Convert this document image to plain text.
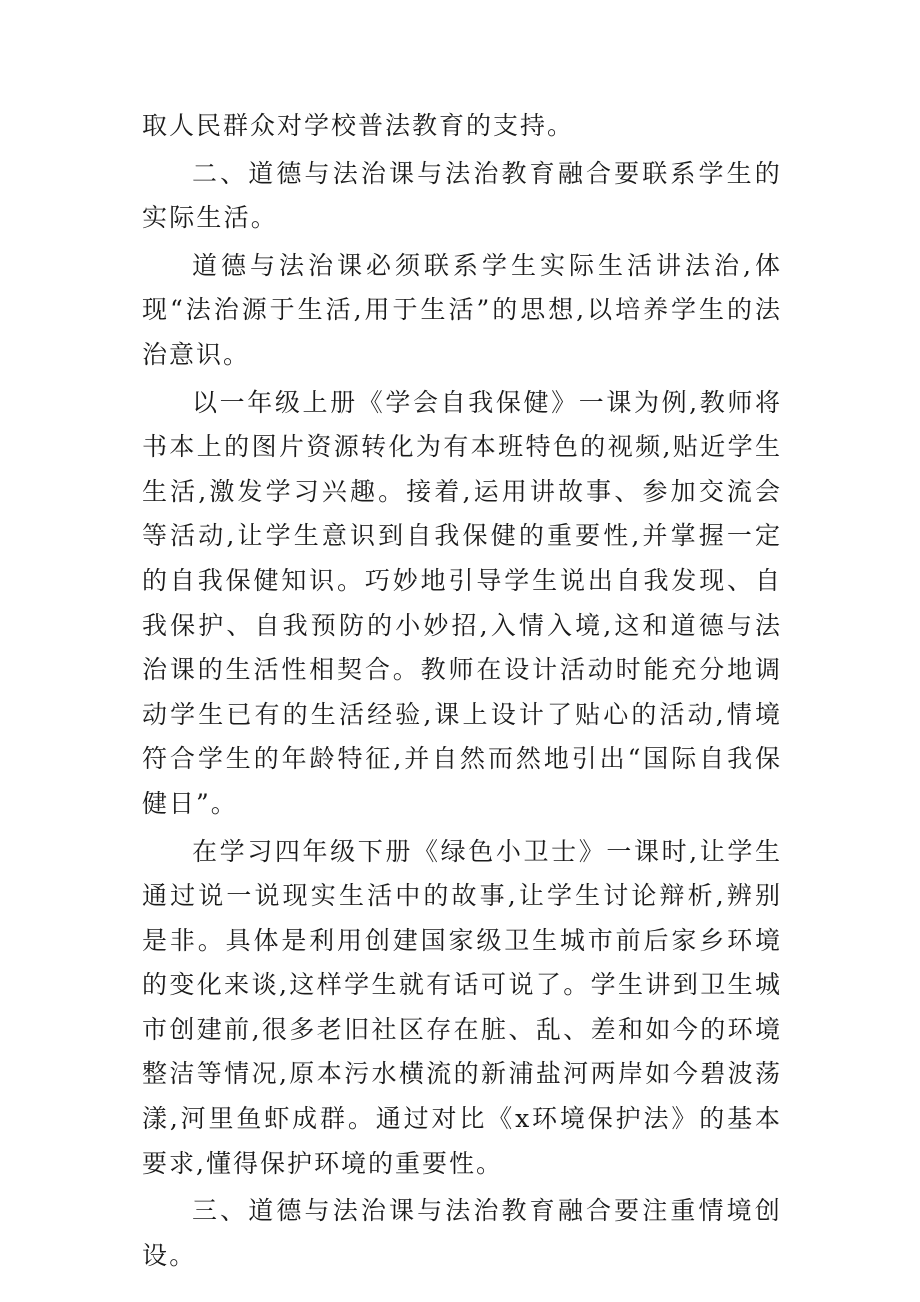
取人民群众对学校普法教育的支持。

二、道德与法治课与法治教育融合要联系学生的实际生活。

道德与法治课必须联系学生实际生活讲法治,体现“法治源于生活,用于生活”的思想,以培养学生的法治意识。

以一年级上册《学会自我保健》一课为例,教师将书本上的图片资源转化为有本班特色的视频,贴近学生生活,激发学习兴趣。接着,运用讲故事、参加交流会等活动,让学生意识到自我保健的重要性,并掌握一定的自我保健知识。巧妙地引导学生说出自我发现、自我保护、自我预防的小妙招,入情入境,这和道德与法治课的生活性相契合。教师在设计活动时能充分地调动学生已有的生活经验,课上设计了贴心的活动,情境符合学生的年龄特征,并自然而然地引出“国际自我保健日”。

在学习四年级下册《绿色小卫士》一课时,让学生通过说一说现实生活中的故事,让学生讨论辩析,辨别是非。具体是利用创建国家级卫生城市前后家乡环境的变化来谈,这样学生就有话可说了。学生讲到卫生城市创建前,很多老旧社区存在脏、乱、差和如今的环境整洁等情况,原本污水横流的新浦盐河两岸如今碧波荡漾,河里鱼虾成群。通过对比《x环境保护法》的基本要求,懂得保护环境的重要性。

三、道德与法治课与法治教育融合要注重情境创设。
